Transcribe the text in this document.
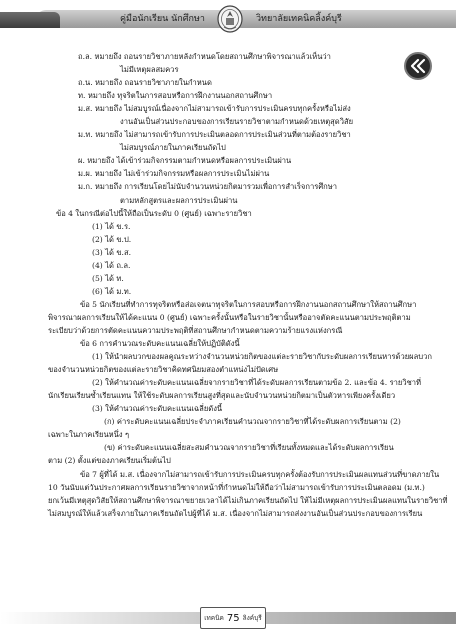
คู่มือนักเรียน นักศึกษา	วิทยาลัยเทคนิคลิ้งค์บุรี
ถ.ล. หมายถึง ถอนรายวิชาภายหลังกำหนดโดยสถานศึกษาพิจารณาแล้วเห็นว่า
ไม่มีเหตุผลสมควร
ถ.น. หมายถึง ถอนรายวิชาภายในกำหนด
ท. หมายถึง ทุจริตในการสอบหรือการฝึกงานนอกสถานศึกษา
ม.ส. หมายถึง ไม่สมบูรณ์เนื่องจากไม่สามารถเข้ารับการประเมินครบทุกครั้งหรือไม่ส่ง
งานอันเป็นส่วนประกอบของการเรียนรายวิชาตามกำหนดด้วยเหตุสุดวิสัย
ม.ท. หมายถึง ไม่สามารถเข้ารับการประเมินตลอดการประเมินส่วนที่ตามต้องรายวิชา
ไม่สมบูรณ์ภายในภาคเรียนถัดไป
ผ. หมายถึง ได้เข้าร่วมกิจกรรมตามกำหนดหรือผลการประเมินผ่าน
ม.ผ. หมายถึง ไม่เข้าร่วมกิจกรรมหรือผลการประเมินไม่ผ่าน
ม.ก. หมายถึง การเรียนโดยไม่นับจำนวนหน่วยกิตมารวมเพื่อการสำเร็จการศึกษา
ตามหลักสูตรและผลการประเมินผ่าน
ข้อ 4 ในกรณีต่อไปนี้ให้ถือเป็นระดับ 0 (ศูนย์) เฉพาะรายวิชา
(1) ได้ ข.ร.
(2) ได้ ข.ป.
(3) ได้ ข.ส.
(4) ได้ ถ.ล.
(5) ได้ ท.
(6) ได้ ม.ท.
ข้อ 5 นักเรียนที่ทำการทุจริตหรือส่อเจตนาทุจริตในการสอบหรือการฝึกงานนอกสถานศึกษาให้สถานศึกษา
พิจารณาผลการเรียนให้ได้คะแนน 0 (ศูนย์) เฉพาะครั้งนั้นหรือในรายวิชานั้นหรืออาจตัดคะแนนตามประพฤติตาม
ระเบียบว่าด้วยการตัดคะแนนความประพฤติที่สถานศึกษากำหนดตามความร้ายแรงแห่งกรณี
ข้อ 6 การคำนวณระดับคะแนนเฉลี่ยให้ปฏิบัติดังนี้
(1) ให้นำผลบวกของผลคูณระหว่างจำนวนหน่วยกิตของแต่ละรายวิชากับระดับผลการเรียนหารด้วยผลบวก
ของจำนวนหน่วยกิตของแต่ละรายวิชาคิดทศนิยมสองตำแหน่งไม่ปัดเศษ
(2) ให้คำนวณค่าระดับคะแนนเฉลี่ยจากรายวิชาที่ได้ระดับผลการเรียนตามข้อ 2. และข้อ 4. รายวิชาที่
นักเรียนเรียนซ้ำเรียนแทน ให้ใช้ระดับผลการเรียนสูงที่สุดและนับจำนวนหน่วยกิตมาเป็นตัวหารเพียงครั้งเดียว
(3) ให้คำนวณค่าระดับคะแนนเฉลี่ยดังนี้
(ก) ค่าระดับคะแนนเฉลี่ยประจำภาคเรียนคำนวณจากรายวิชาที่ได้ระดับผลการเรียนตาม (2)
เฉพาะในภาคเรียนหนึ่ง ๆ
(ข) ค่าระดับคะแนนเฉลี่ยสะสมคำนวณจากรายวิชาที่เรียนทั้งหมดและได้ระดับผลการเรียน
ตาม (2) ตั้งแต่ของภาคเรียนเริ่มต้นไป
ข้อ 7 ผู้ที่ได้ ม.ส. เนื่องจากไม่สามารถเข้ารับการประเมินครบทุกครั้งต้องรับการประเมินผลแทนส่วนที่ขาดภายใน
10 วันนับแต่วันประกาศผลการเรียนรายวิชาจากหน้าที่กำหนดไม่ให้ถือว่าไม่สามารถเข้ารับการประเมินตลอดม (ม.ท.)
ยกเว้นมีเหตุสุดวิสัยให้สถานศึกษาพิจารณาขยายเวลาได้ไม่เกินภาคเรียนถัดไป ให้ไม่มีเหตุผลการประเมินผลแทนในรายวิชาที่
ไม่สมบูรณ์ให้แล้วเสร็จภายในภาคเรียนถัดไปผู้ที่ได้ ม.ส. เนื่องจากไม่สามารถส่งงานอันเป็นส่วนประกอบของการเรียน
เทคนิค 75 ลิงค์บุรี
